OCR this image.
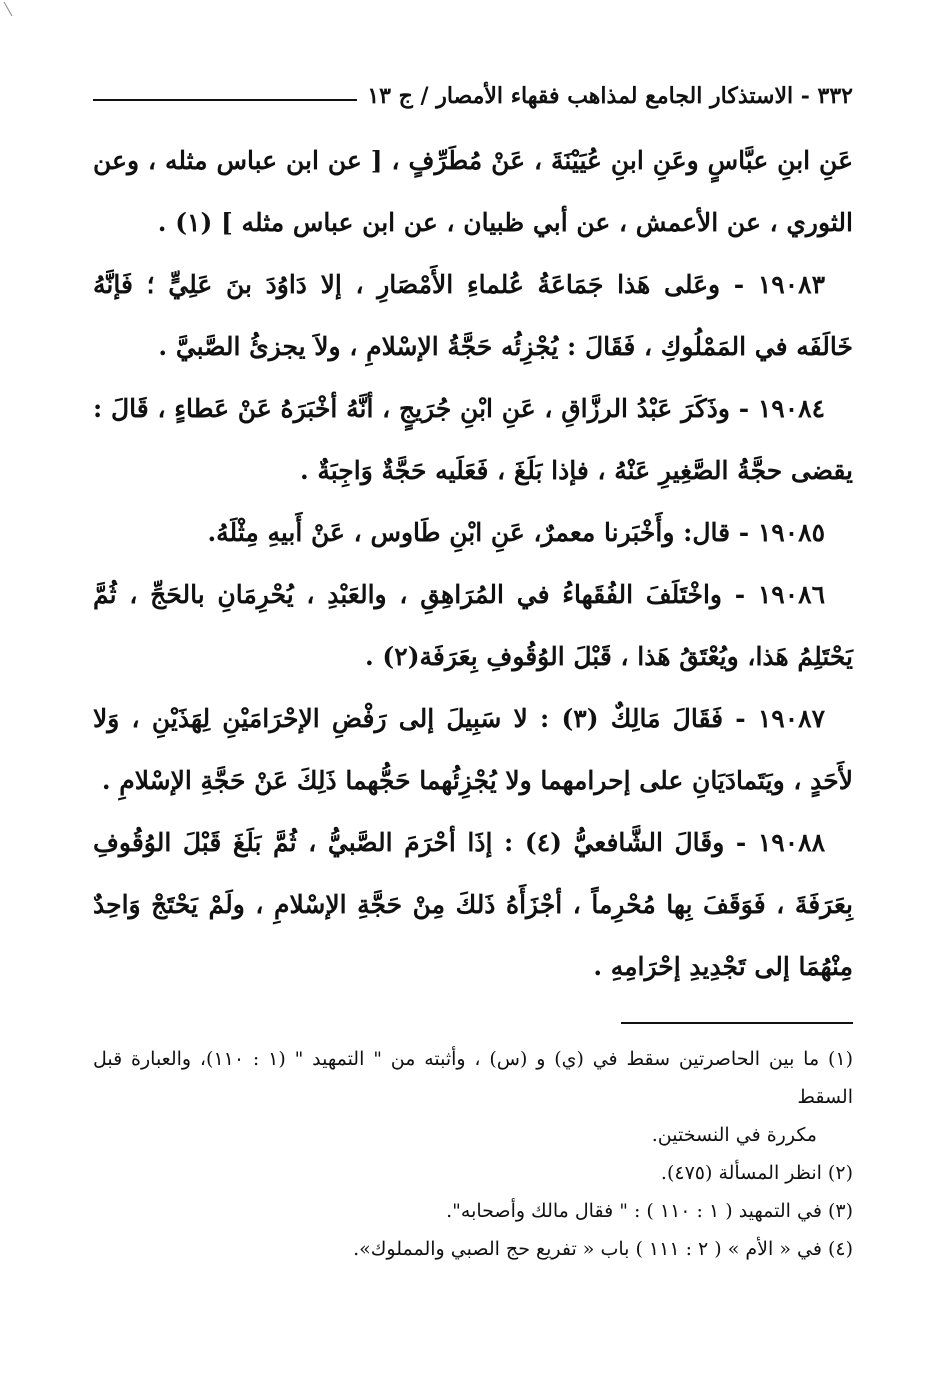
٣٣٢ - الاستذكار الجامع لمذاهب فقهاء الأمصار / ج ١٣

عَنِ ابنِ عبَّاسٍ وعَنِ ابنِ عُيَيْنَةَ ، عَنْ مُطَرِّفٍ ، [ عن ابن عباس مثله ، وعن الثوري ، عن الأعمش ، عن أبي ظبيان ، عن ابن عباس مثله ] (١) .

١٩٠٨٣ - وعَلى هَذا جَمَاعَةُ عُلماءِ الأَمْصَارِ ، إلا دَاوُدَ بنَ عَلِيٍّ ؛ فَإنَّهُ خَالَفَه في المَمْلُوكِ ، فَقَالَ : يُجْزِئُه حَجَّةُ الإسْلامِ ، ولاَ يجزئُ الصَّبيَّ .

١٩٠٨٤ - وذَكَرَ عَبْدُ الرزَّاقِ ، عَنِ ابْنِ جُرَيجٍ ، أنَّهُ أخْبَرَهُ عَنْ عَطاءٍ ، قَالَ : يقضى حجَّةُ الصَّغِيرِ عَنْهُ ، فإذا بَلَغَ ، فَعَلَيه حَجَّةٌ وَاجِبَةٌ .

١٩٠٨٥ - قال: وأَخْبَرنا معمرٌ، عَنِ ابْنِ طَاوس ، عَنْ أَبيهِ مِثْلَهُ.

١٩٠٨٦ - واخْتَلَفَ الفُقَهاءُ في المُرَاهِقِ ، والعَبْدِ ، يُحْرِمَانِ بالحَجِّ ، ثُمَّ يَحْتَلِمُ هَذا، ويُعْتَقُ هَذا ، قَبْلَ الوُقُوفِ بِعَرَفَة(٢) .

١٩٠٨٧ - فَقَالَ مَالِكٌ (٣) : لا سَبِيلَ إلى رَفْضِ الإحْرَامَيْنِ لِهَذَيْنِ ، وَلا لأَحَدٍ ، ويَتَمادَيَانِ على إحرامهما ولا يُجْزِئُهما حَجُّهما ذَلِكَ عَنْ حَجَّةِ الإسْلامِ .

١٩٠٨٨ - وقَالَ الشَّافعيُّ (٤) : إذَا أحْرَمَ الصَّبيُّ ، ثُمَّ بَلَغَ قَبْلَ الوُقُوفِ بِعَرَفَةَ ، فَوَقَفَ بِها مُحْرِماً ، أجْزَأَهُ ذَلكَ مِنْ حَجَّةِ الإسْلامِ ، ولَمْ يَحْتَجْ وَاحِدٌ مِنْهُمَا إلى تَجْدِيدِ إحْرَامِهِ .

(١) ما بين الحاصرتين سقط في (ي) و (س) ، وأثبته من " التمهيد " (١ : ١١٠)، والعبارة قبل السقط

مكررة في النسختين.

(٢) انظر المسألة (٤٧٥).

(٣) في التمهيد ( ١ : ١١٠ ) : " فقال مالك وأصحابه".

(٤) في « الأم » ( ٢ : ١١١ ) باب « تفريع حج الصبي والمملوك».
